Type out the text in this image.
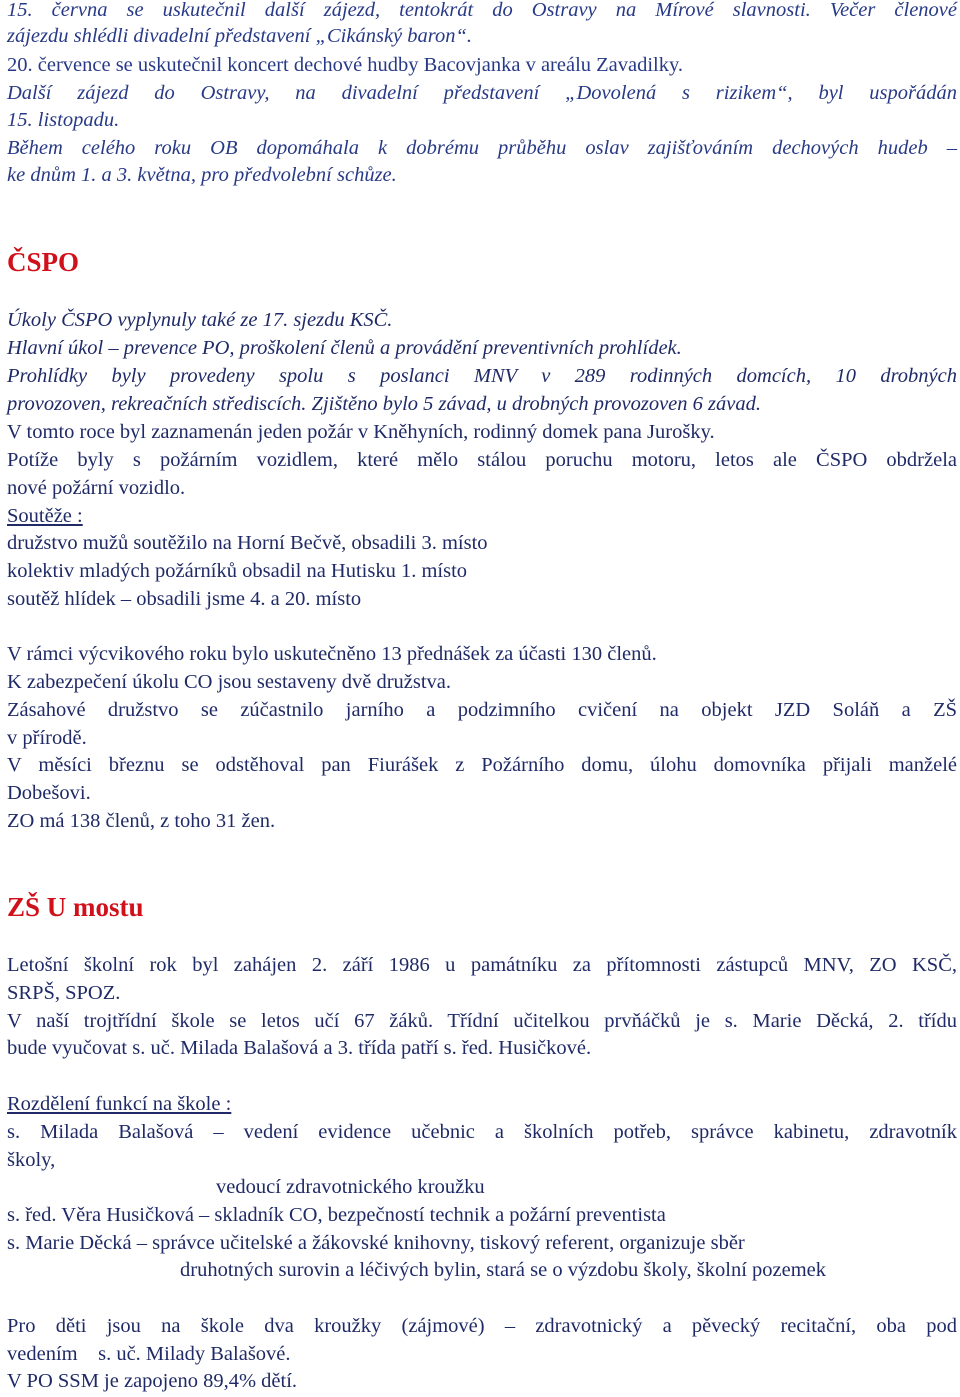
15. června se uskutečnil další zájezd, tentokrát do Ostravy na Mírové slavnosti. Večer členové
zájezdu shlédli divadelní představení „Cikánský baron“.
20. července se uskutečnil koncert dechové hudby Bacovjanka v areálu Zavadilky.
Další zájezd do Ostravy, na divadelní představení „Dovolená s rizikem“, byl uspořádán
15. listopadu.
Během celého roku OB dopomáhala k dobrému průběhu oslav zajišťováním dechových hudeb –
ke dnům 1. a 3. května, pro předvolební schůze.
ČSPO
Úkoly ČSPO vyplynuly také ze 17. sjezdu KSČ.
Hlavní úkol – prevence PO, proškolení členů a provádění preventivních prohlídek.
Prohlídky byly provedeny spolu s poslanci MNV v 289 rodinných domcích, 10 drobných
provozoven, rekreačních střediscích. Zjištěno bylo 5 závad, u drobných provozoven 6 závad.
V tomto roce byl zaznamenán jeden požár v Kněhyních, rodinný domek pana Jurošky.
Potíže byly s požárním vozidlem, které mělo stálou poruchu motoru, letos ale ČSPO obdržela
nové požární vozidlo.
Soutěže :
družstvo mužů soutěžilo na Horní Bečvě, obsadili 3. místo
kolektiv mladých požárníků obsadil na Hutisku 1. místo
soutěž hlídek – obsadili jsme 4. a 20. místo
V rámci výcvikového roku bylo uskutečněno 13 přednášek za účasti 130 členů.
K zabezpečení úkolu CO jsou sestaveny dvě družstva.
Zásahové družstvo se zúčastnilo jarního a podzimního cvičení na objekt JZD Soláň a ZŠ
v přírodě.
V měsíci březnu se odstěhoval pan Fiurášek z Požárního domu, úlohu domovníka přijali manželé
Dobešovi.
ZO má 138 členů, z toho 31 žen.
ZŠ U mostu
Letošní školní rok byl zahájen 2. září 1986 u památníku za přítomnosti zástupců MNV, ZO KSČ,
SRPŠ, SPOZ.
V naší trojtřídní škole se letos učí 67 žáků. Třídní učitelkou prvňáčků je s. Marie Děcká, 2. třídu
bude vyučovat s. uč. Milada Balašová a 3. třída patří s. řed. Husičkové.
Rozdělení funkcí na škole :
s. Milada Balašová – vedení evidence učebnic a školních potřeb, správce kabinetu, zdravotník
školy,
vedoucí zdravotnického kroužku
s. řed. Věra Husičková – skladník CO, bezpečností technik a požární preventista
s. Marie Děcká – správce učitelské a žákovské knihovny, tiskový referent, organizuje sběr
druhotných surovin a léčivých bylin, stará se o výzdobu školy, školní pozemek
Pro děti jsou na škole dva kroužky (zájmové) – zdravotnický a pěvecký recitační, oba pod
vedením    s. uč. Milady Balašové.
V PO SSM je zapojeno 89,4% dětí.
